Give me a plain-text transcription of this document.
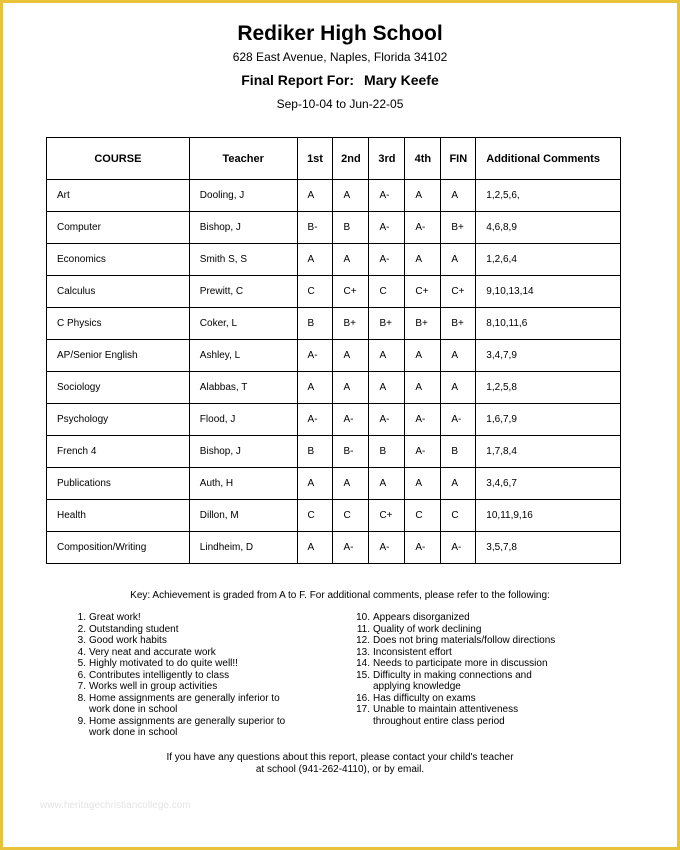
Rediker High School
628 East Avenue, Naples, Florida 34102
Final Report For: Mary Keefe
Sep-10-04 to Jun-22-05
COURSE	Teacher	1st	2nd	3rd	4th	FIN	Additional Comments
Art	Dooling, J	A	A	A-	A	A	1,2,5,6,
Computer	Bishop, J	B-	B	A-	A-	B+	4,6,8,9
Economics	Smith S, S	A	A	A-	A	A	1,2,6,4
Calculus	Prewitt, C	C	C+	C	C+	C+	9,10,13,14
C Physics	Coker, L	B	B+	B+	B+	B+	8,10,11,6
AP/Senior English	Ashley, L	A-	A	A	A	A	3,4,7,9
Sociology	Alabbas, T	A	A	A	A	A	1,2,5,8
Psychology	Flood, J	A-	A-	A-	A-	A-	1,6,7,9
French 4	Bishop, J	B	B-	B	A-	B	1,7,8,4
Publications	Auth, H	A	A	A	A	A	3,4,6,7
Health	Dillon, M	C	C	C+	C	C	10,11,9,16
Composition/Writing	Lindheim, D	A	A-	A-	A-	A-	3,5,7,8
Key: Achievement is graded from A to F. For additional comments, please refer to the following:
1. Great work!
2. Outstanding student
3. Good work habits
4. Very neat and accurate work
5. Highly motivated to do quite well!!
6. Contributes intelligently to class
7. Works well in group activities
8. Home assignments are generally inferior to
work done in school
9. Home assignments are generally superior to
work done in school
10. Appears disorganized
11. Quality of work declining
12. Does not bring materials/follow directions
13. Inconsistent effort
14. Needs to participate more in discussion
15. Difficulty in making connections and
applying knowledge
16. Has difficulty on exams
17. Unable to maintain attentiveness
throughout entire class period
If you have any questions about this report, please contact your child's teacher
at school (941-262-4110), or by email.
www.heritagechristiancollege.com
